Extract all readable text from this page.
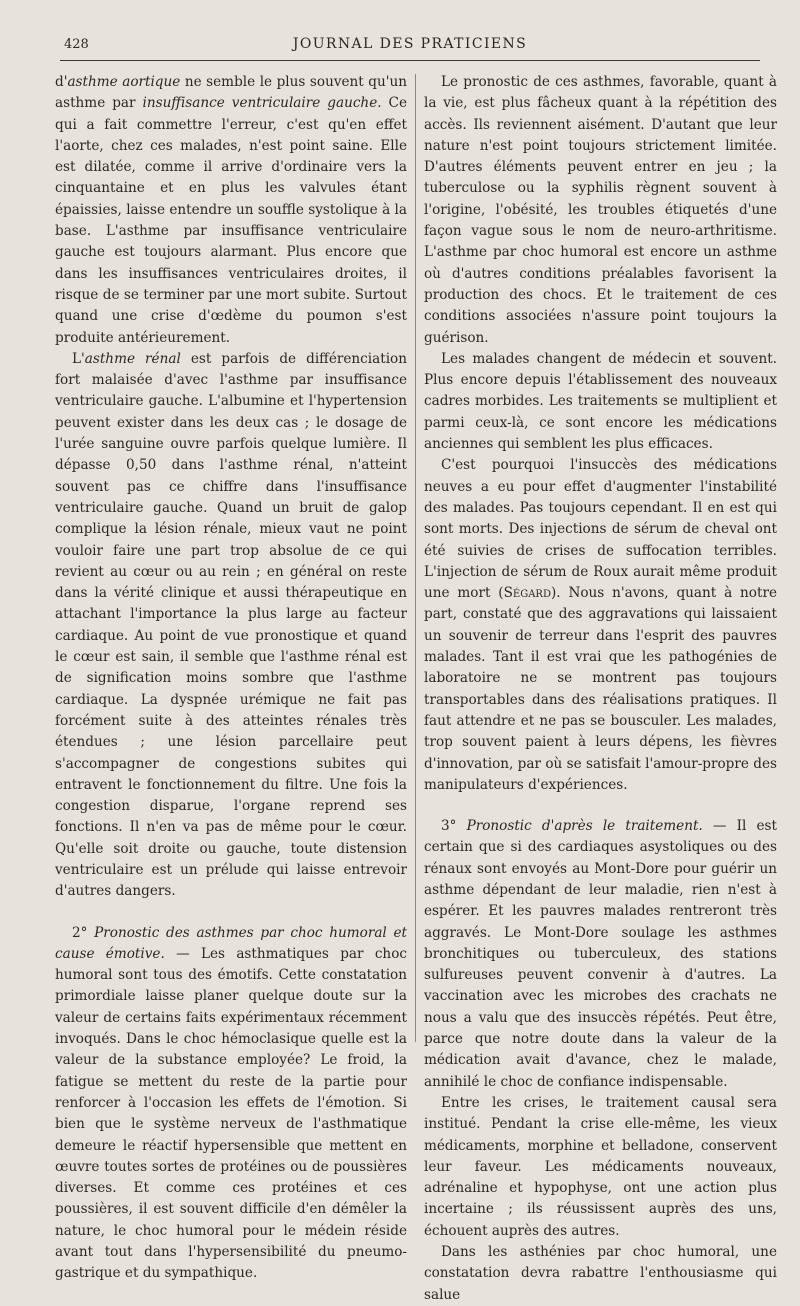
428	JOURNAL DES PRATICIENS

d'asthme aortique ne semble le plus souvent qu'un asthme par insuffisance ventriculaire gauche. Ce qui a fait commettre l'erreur, c'est qu'en effet l'aorte, chez ces malades, n'est point saine. Elle est dilatée, comme il arrive d'ordinaire vers la cinquantaine et en plus les valvules étant épaissies, laisse entendre un souffle systolique à la base. L'asthme par insuffisance ventriculaire gauche est toujours alarmant. Plus encore que dans les insuffisances ventriculaires droites, il risque de se terminer par une mort subite. Surtout quand une crise d'œdème du poumon s'est produite antérieurement.

L'asthme rénal est parfois de différenciation fort malaisée d'avec l'asthme par insuffisance ventriculaire gauche. L'albumine et l'hypertension peuvent exister dans les deux cas ; le dosage de l'urée sanguine ouvre parfois quelque lumière. Il dépasse 0,50 dans l'asthme rénal, n'atteint souvent pas ce chiffre dans l'insuffisance ventriculaire gauche. Quand un bruit de galop complique la lésion rénale, mieux vaut ne point vouloir faire une part trop absolue de ce qui revient au cœur ou au rein ; en général on reste dans la vérité clinique et aussi thérapeutique en attachant l'importance la plus large au facteur cardiaque. Au point de vue pronostique et quand le cœur est sain, il semble que l'asthme rénal est de signification moins sombre que l'asthme cardiaque. La dyspnée urémique ne fait pas forcément suite à des atteintes rénales très étendues ; une lésion parcellaire peut s'accompagner de congestions subites qui entravent le fonctionnement du filtre. Une fois la congestion disparue, l'organe reprend ses fonctions. Il n'en va pas de même pour le cœur. Qu'elle soit droite ou gauche, toute distension ventriculaire est un prélude qui laisse entrevoir d'autres dangers.

2° Pronostic des asthmes par choc humoral et cause émotive. — Les asthmatiques par choc humoral sont tous des émotifs. Cette constatation primordiale laisse planer quelque doute sur la valeur de certains faits expérimentaux récemment invoqués. Dans le choc hémoclasique quelle est la valeur de la substance employée? Le froid, la fatigue se mettent du reste de la partie pour renforcer à l'occasion les effets de l'émotion. Si bien que le système nerveux de l'asthmatique demeure le réactif hypersensible que mettent en œuvre toutes sortes de protéines ou de poussières diverses. Et comme ces protéines et ces poussières, il est souvent difficile d'en démêler la nature, le choc humoral pour le médein réside avant tout dans l'hypersensibilité du pneumo-gastrique et du sympathique.

Le pronostic de ces asthmes, favorable, quant à la vie, est plus fâcheux quant à la répétition des accès. Ils reviennent aisément. D'autant que leur nature n'est point toujours strictement limitée. D'autres éléments peuvent entrer en jeu ; la tuberculose ou la syphilis règnent souvent à l'origine, l'obésité, les troubles étiquetés d'une façon vague sous le nom de neuro-arthritisme. L'asthme par choc humoral est encore un asthme où d'autres conditions préalables favorisent la production des chocs. Et le traitement de ces conditions associées n'assure point toujours la guérison.

Les malades changent de médecin et souvent. Plus encore depuis l'établissement des nouveaux cadres morbides. Les traitements se multiplient et parmi ceux-là, ce sont encore les médications anciennes qui semblent les plus efficaces.

C'est pourquoi l'insuccès des médications neuves a eu pour effet d'augmenter l'instabilité des malades. Pas toujours cependant. Il en est qui sont morts. Des injections de sérum de cheval ont été suivies de crises de suffocation terribles. L'injection de sérum de Roux aurait même produit une mort (Ségard). Nous n'avons, quant à notre part, constaté que des aggravations qui laissaient un souvenir de terreur dans l'esprit des pauvres malades. Tant il est vrai que les pathogénies de laboratoire ne se montrent pas toujours transportables dans des réalisations pratiques. Il faut attendre et ne pas se bousculer. Les malades, trop souvent paient à leurs dépens, les fièvres d'innovation, par où se satisfait l'amour-propre des manipulateurs d'expériences.

3° Pronostic d'après le traitement. — Il est certain que si des cardiaques asystoliques ou des rénaux sont envoyés au Mont-Dore pour guérir un asthme dépendant de leur maladie, rien n'est à espérer. Et les pauvres malades rentreront très aggravés. Le Mont-Dore soulage les asthmes bronchitiques ou tuberculeux, des stations sulfureuses peuvent convenir à d'autres. La vaccination avec les microbes des crachats ne nous a valu que des insuccès répétés. Peut être, parce que notre doute dans la valeur de la médication avait d'avance, chez le malade, annihilé le choc de confiance indispensable.

Entre les crises, le traitement causal sera institué. Pendant la crise elle-même, les vieux médicaments, morphine et belladone, conservent leur faveur. Les médicaments nouveaux, adrénaline et hypophyse, ont une action plus incertaine ; ils réussissent auprès des uns, échouent auprès des autres.

Dans les asthénies par choc humoral, une constatation devra rabattre l'enthousiasme qui salue
